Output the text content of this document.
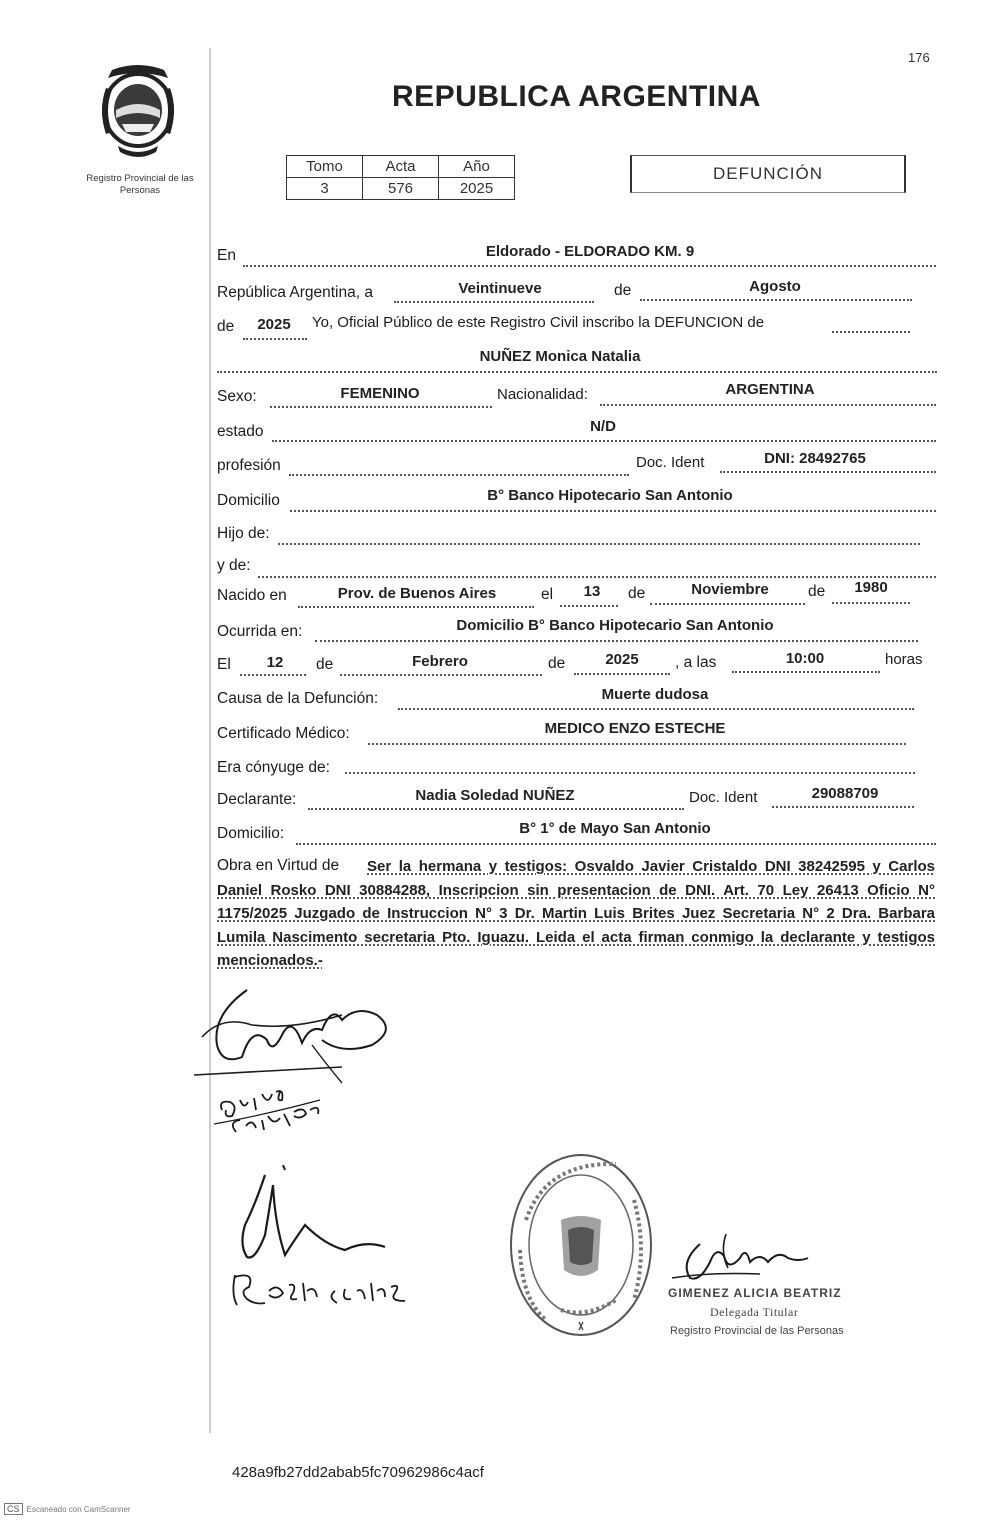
176
Registro Provincial de las Personas
REPUBLICA ARGENTINA
Tomo	Acta	Año
3	576	2025
DEFUNCIÓN
En	Eldorado - ELDORADO KM. 9
República Argentina, a	Veintinueve	de	Agosto
de	2025	Yo, Oficial Público de este Registro Civil inscribo la DEFUNCION de
NUÑEZ Monica Natalia
Sexo:	FEMENINO	Nacionalidad:	ARGENTINA
estado	N/D
profesión	Doc. Ident	DNI: 28492765
Domicilio	B° Banco Hipotecario San Antonio
Hijo de:
y de:
Nacido en	Prov. de Buenos Aires	el	13	de	Noviembre	de	1980
Ocurrida en:	Domicilio B° Banco Hipotecario San Antonio
El	12	de	Febrero	de	2025	, a las	10:00	horas
Causa de la Defunción:	Muerte dudosa
Certificado Médico:	MEDICO ENZO ESTECHE
Era cónyuge de:
Declarante:	Nadia Soledad NUÑEZ	Doc. Ident	29088709
Domicilio:	B° 1° de Mayo San Antonio
Obra en Virtud de	Ser la hermana y testigos: Osvaldo Javier Cristaldo DNI 38242595 y Carlos Daniel Rosko DNI 30884288, Inscripcion sin presentacion de DNI. Art. 70 Ley 26413 Oficio N° 1175/2025 Juzgado de Instruccion N° 3 Dr. Martin Luis Brites Juez Secretaria N° 2 Dra. Barbara Lumila Nascimento secretaria Pto. Iguazu. Leida el acta firman conmigo la declarante y testigos mencionados.-
GIMENEZ ALICIA BEATRIZ
Delegada Titular
Registro Provincial de las Personas
428a9fb27dd2abab5fc70962986c4acf
CS Escaneado con CamScanner
